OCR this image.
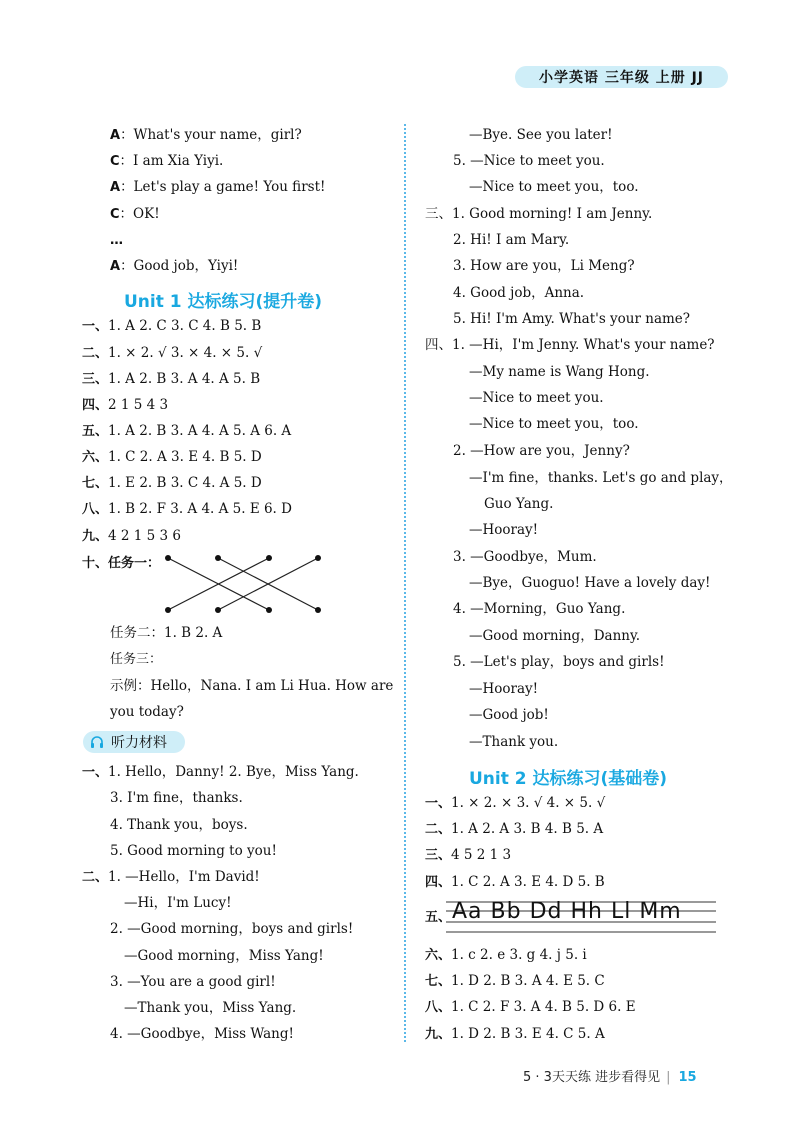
小学英语 三年级 上册 JJ
A：What's your name，girl?
C：I am Xia Yiyi.
A：Let's play a game! You first!
C：OK!
…
A：Good job，Yiyi!
Unit 1 达标练习(提升卷)
一、1. A 2. C 3. C 4. B 5. B
二、1. × 2. √ 3. × 4. × 5. √
三、1. A 2. B 3. A 4. A 5. B
四、2 1 5 4 3
五、1. A 2. B 3. A 4. A 5. A 6. A
六、1. C 2. A 3. E 4. B 5. D
七、1. E 2. B 3. C 4. A 5. D
八、1. B 2. F 3. A 4. A 5. E 6. D
九、4 2 1 5 3 6
十、任务一：
任务二：1. B 2. A
任务三：
示例：Hello，Nana. I am Li Hua. How are
you today?
听力材料
一、1. Hello，Danny! 2. Bye，Miss Yang.
3. I'm fine，thanks.
4. Thank you，boys.
5. Good morning to you!
二、1. —Hello，I'm David!
—Hi，I'm Lucy!
2. —Good morning，boys and girls!
—Good morning，Miss Yang!
3. —You are a good girl!
—Thank you，Miss Yang.
4. —Goodbye，Miss Wang!
—Bye. See you later!
5. —Nice to meet you.
—Nice to meet you，too.
三、1. Good morning! I am Jenny.
2. Hi! I am Mary.
3. How are you，Li Meng?
4. Good job，Anna.
5. Hi! I'm Amy. What's your name?
四、1. —Hi，I'm Jenny. What's your name?
—My name is Wang Hong.
—Nice to meet you.
—Nice to meet you，too.
2. —How are you，Jenny?
—I'm fine，thanks. Let's go and play，
Guo Yang.
—Hooray!
3. —Goodbye，Mum.
—Bye，Guoguo! Have a lovely day!
4. —Morning，Guo Yang.
—Good morning，Danny.
5. —Let's play，boys and girls!
—Hooray!
—Good job!
—Thank you.
Unit 2 达标练习(基础卷)
一、1. × 2. × 3. √ 4. × 5. √
二、1. A 2. A 3. B 4. B 5. A
三、4 5 2 1 3
四、1. C 2. A 3. E 4. D 5. B
五、 Aa Bb Dd Hh Ll Mm
六、1. c 2. e 3. g 4. j 5. i
七、1. D 2. B 3. A 4. E 5. C
八、1. C 2. F 3. A 4. B 5. D 6. E
九、1. D 2. B 3. E 4. C 5. A
5 · 3天天练 进步看得见 | 15
